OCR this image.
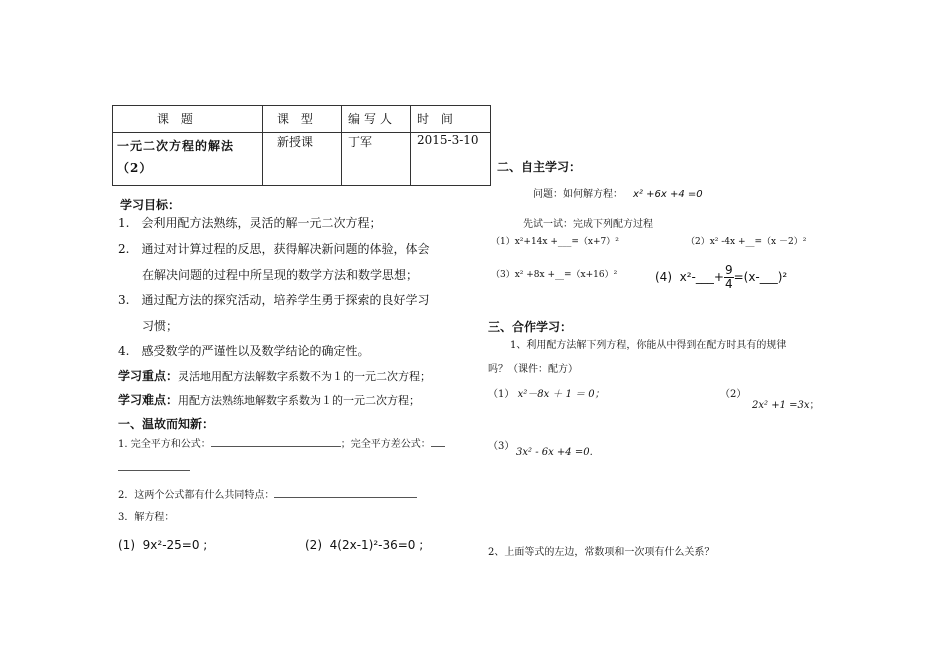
课 题	课 型	编写人	时 间
一元二次方程的解法（2）	新授课	丁军	2015-3-10
学习目标：
1.　会利用配方法熟练，灵活的解一元二次方程；
2.　通过对计算过程的反思，获得解决新问题的体验，体会
　　在解决问题的过程中所呈现的数学方法和数学思想；
3.　通过配方法的探究活动，培养学生勇于探索的良好学习
　　习惯；
4.　感受数学的严谨性以及数学结论的确定性。
学习重点：灵活地用配方法解数字系数不为１的一元二次方程；
学习难点：用配方法熟练地解数字系数为１的一元二次方程；
一、温故而知新：
1. 完全平方和公式：	；完全平方差公式：
2．这两个公式都有什么共同特点：
3．解方程：
(1) 9x²-25=0 ;	(2) 4(2x-1)²-36=0 ;
二、自主学习：
问题：如何解方程： x² +6x +4 =0
先试一试：完成下列配方过程
（1）x²+14x +___=（x+7）²	（2）x² -4x +__=（x －2）²
（3）x² +8x +__=（x+16）²	(4) x²-___+ $\frac{9}{4}$ =(x-___)²
三、合作学习：
1、利用配方法解下列方程，你能从中得到在配方时具有的规律
吗？（课件：配方）
（1） x²－8x ＋ 1 ＝ 0；	（2）
2x² +1 =3x；
（3）
3x² - 6x +4 =0.
2、上面等式的左边，常数项和一次项有什么关系？
